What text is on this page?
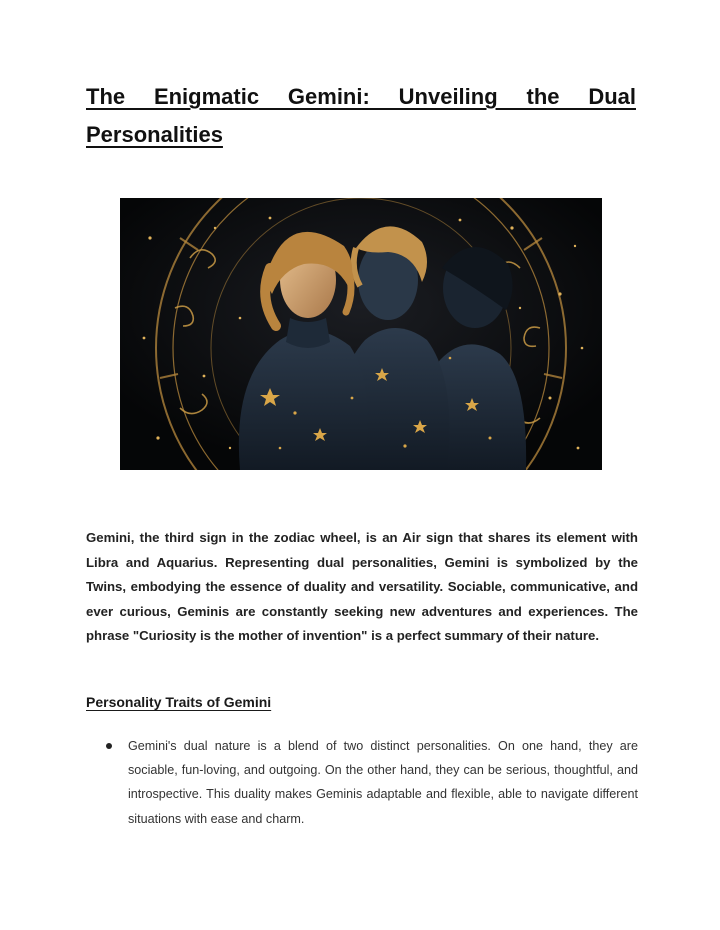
The Enigmatic Gemini: Unveiling the Dual Personalities

Gemini, the third sign in the zodiac wheel, is an Air sign that shares its element with Libra and Aquarius. Representing dual personalities, Gemini is symbolized by the Twins, embodying the essence of duality and versatility. Sociable, communicative, and ever curious, Geminis are constantly seeking new adventures and experiences. The phrase "Curiosity is the mother of invention" is a perfect summary of their nature.

Personality Traits of Gemini
Gemini's dual nature is a blend of two distinct personalities. On one hand, they are sociable, fun-loving, and outgoing. On the other hand, they can be serious, thoughtful, and introspective. This duality makes Geminis adaptable and flexible, able to navigate different situations with ease and charm.
